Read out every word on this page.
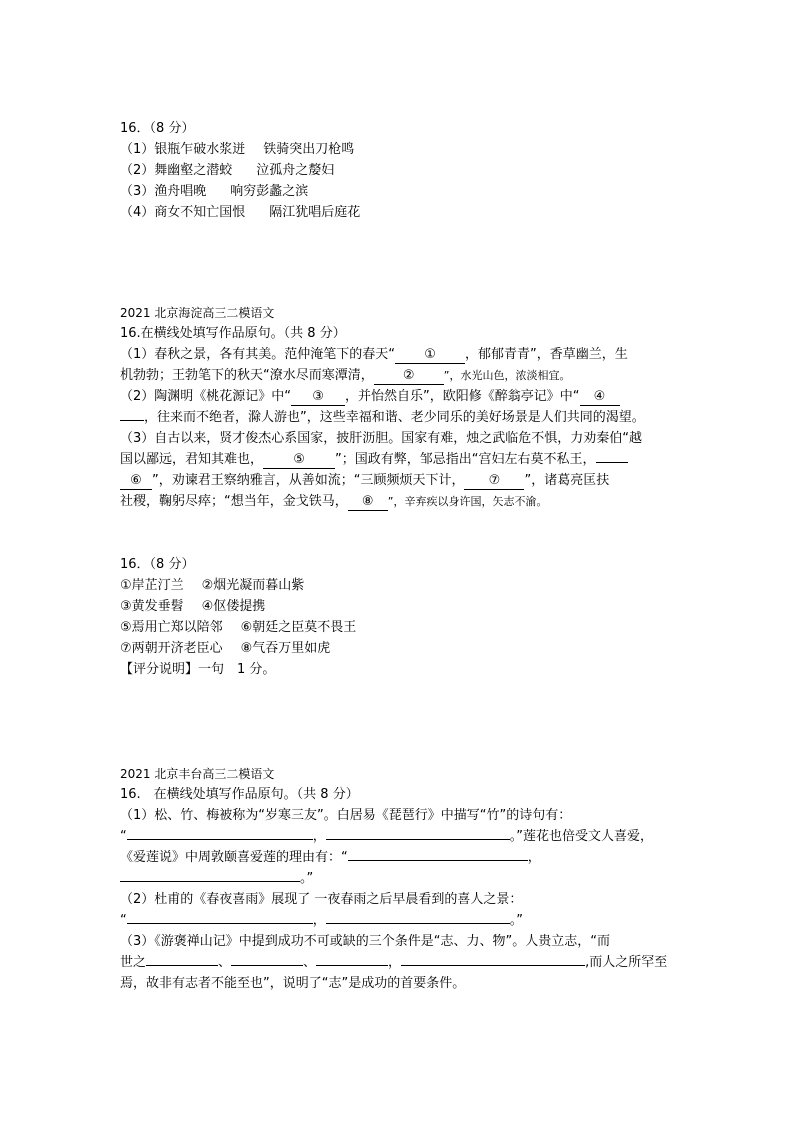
16．（8 分）
（1）银瓶乍破水浆迸 铁骑突出刀枪鸣
（2）舞幽壑之潜蛟 泣孤舟之嫠妇
（3）渔舟唱晚 响穷彭蠡之滨
（4）商女不知亡国恨 隔江犹唱后庭花
2021 北京海淀高三二模语文
16.在横线处填写作品原句。（共 8 分）
（1）春秋之景，各有其美。范仲淹笔下的春天“ ① ，郁郁青青”，香草幽兰，生
机勃勃；王勃笔下的秋天“潦水尽而寒潭清， ②	”，水光山色，浓淡相宜。
（2）陶渊明《桃花源记》中“ ③ ，并怡然自乐”，欧阳修《醉翁亭记》中“ ④
，往来而不绝者，滁人游也”，这些幸福和谐、老少同乐的美好场景是人们共同的渴望。
（3）自古以来，贤才俊杰心系国家，披肝沥胆。国家有难，烛之武临危不惧，力劝秦伯“越
国以鄙远，君知其难也， ⑤ ”；国政有弊，邹忌指出“宫妇左右莫不私王，
⑥ ”，劝谏君王察纳雅言，从善如流；“三顾频烦天下计， ⑦ ”，诸葛亮匡扶
社稷，鞠躬尽瘁；“想当年，金戈铁马， ⑧ ”，辛弃疾以身许国，矢志不渝。
16．（8 分）
①岸芷汀兰 ②烟光凝而暮山紫
③黄发垂髫 ④伛偻提携
⑤焉用亡郑以陪邻 ⑥朝廷之臣莫不畏王
⑦两朝开济老臣心 ⑧气吞万里如虎
【评分说明】一句　1 分。
2021 北京丰台高三二模语文
16.　在横线处填写作品原句。（共 8 分）
（1）松、竹、梅被称为“岁寒三友”。白居易《琵琶行》中描写“竹”的诗句有：
“	，	。”莲花也倍受文人喜爱，
《爱莲说》中周敦颐喜爱莲的理由有：“	，
。”
（2）杜甫的《春夜喜雨》展现了 一夜春雨之后早晨看到的喜人之景：
“	，	。”
（3）《游褒禅山记》中提到成功不可或缺的三个条件是“志、力、物”。人贵立志，“而
世之	、	、	，	,而人之所罕至
焉，故非有志者不能至也”，说明了“志”是成功的首要条件。
